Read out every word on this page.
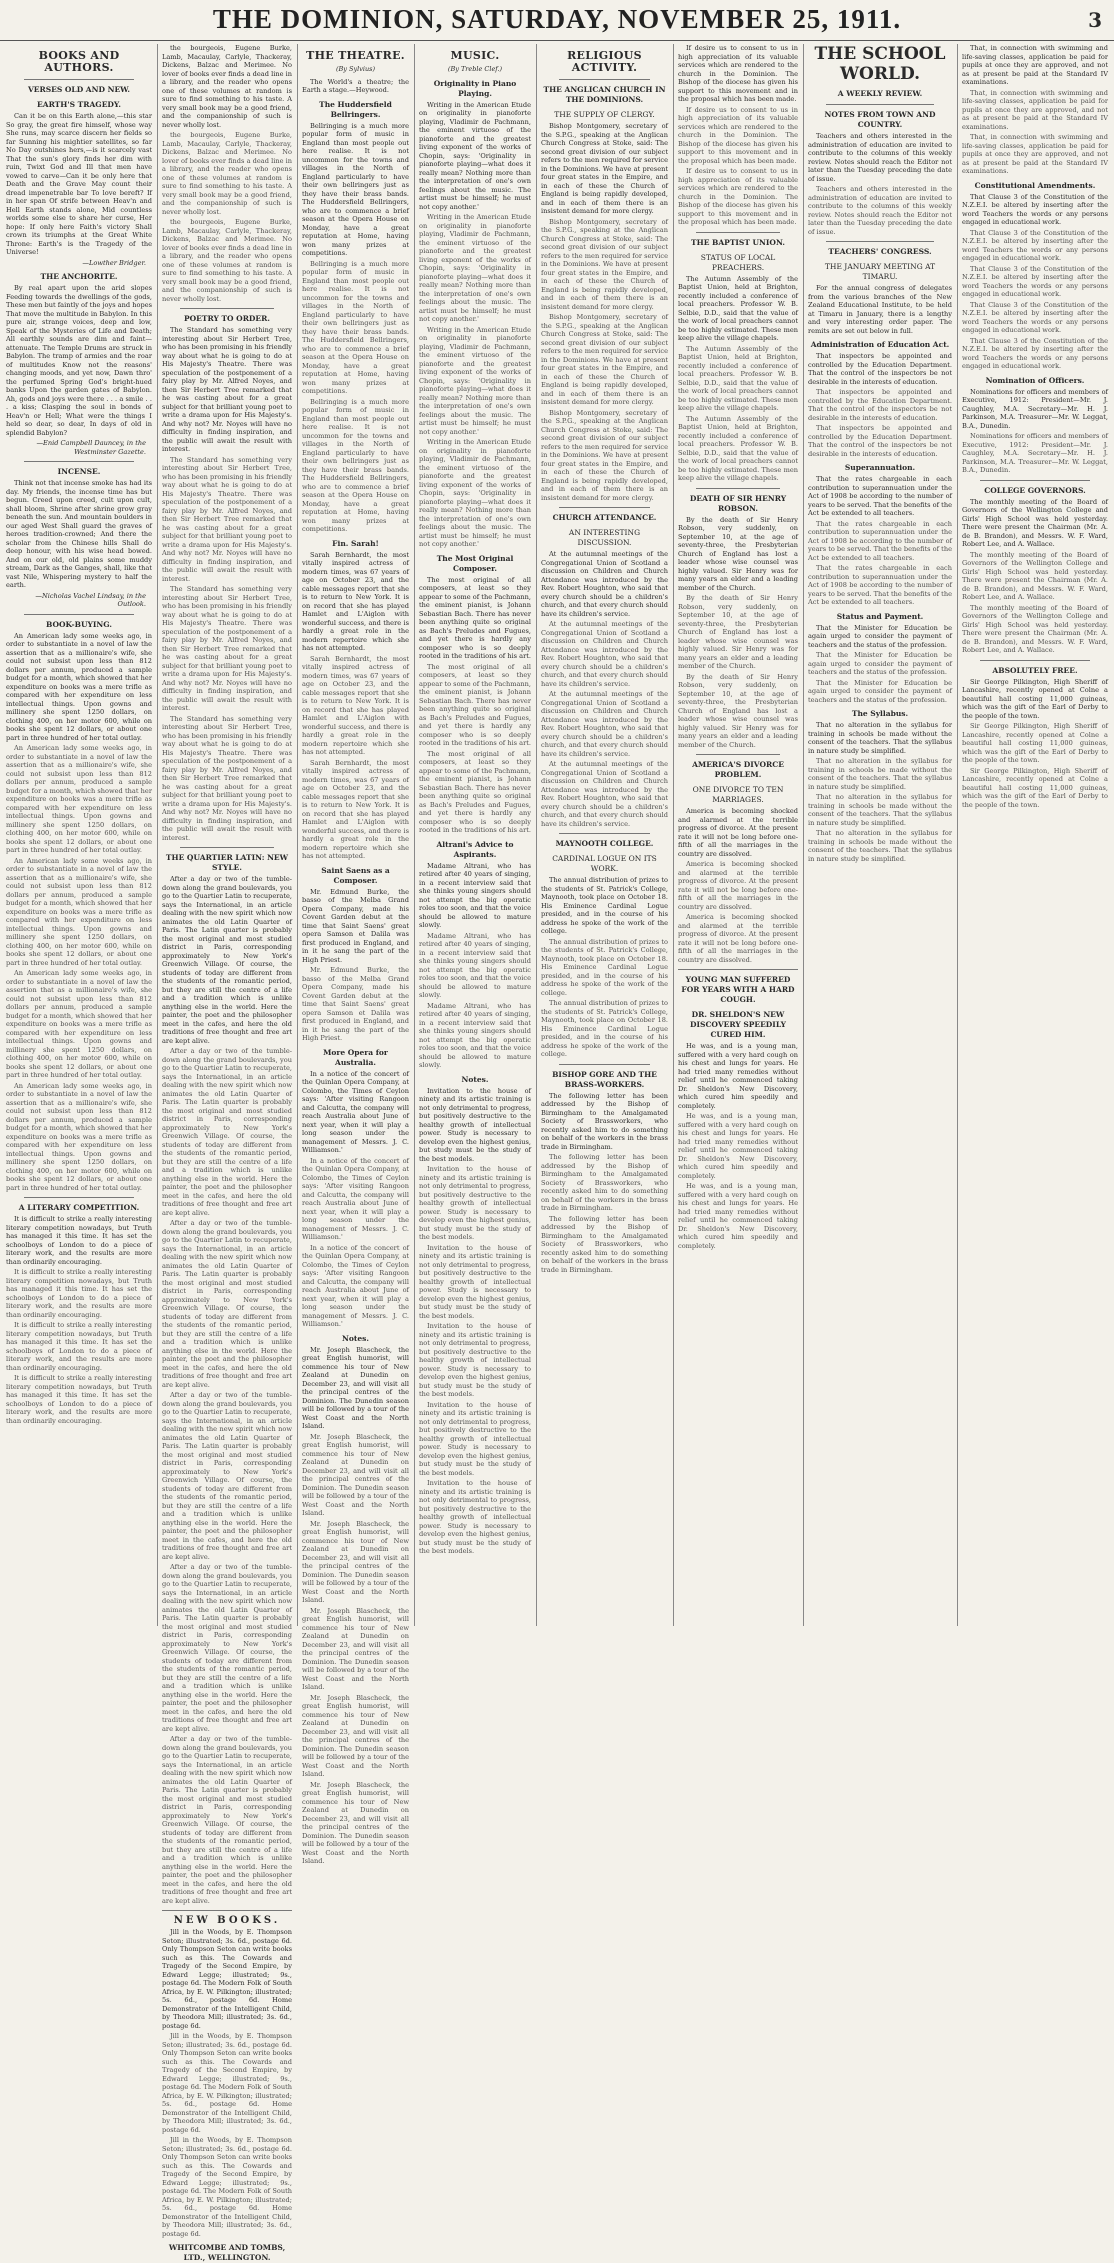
THE DOMINION, SATURDAY, NOVEMBER 25, 1911.	3
BOOKS AND AUTHORS.
VERSES OLD AND NEW.
EARTH'S TRAGEDY.

Can it be on this Earth alone,—this star So gray, the great fire himself, whose way She runs, may scarce discern her fields so far Sunning his mightier satellites, so far No Day outshines hers,—is it scarcely vast That the sun's glory finds her dim with ruin, Twixt God and Ill that men have vowed to carve—Can it be only here that Death and the Grave May count their dread impenetrable bar To love bereft? If in her span Of strife between Heav'n and Hell Earth stands alone, Mid countless worlds some else to share her curse, Her hope: If only here Faith's victory Shall crown its triumphs at the Great White Throne: Earth's is the Tragedy of the Universe!

—Lowther Bridger.
THE ANCHORITE.

By real apart upon the arid slopes Feeding towards the dwellings of the gods, These men but faintly of the joys and hopes That move the multitude in Babylon. In this pure air, strange voices, deep and low, Speak of the Mysteries of Life and Death; All earthly sounds are dim and faint—attenuate. The Temple Drums are struck in Babylon. The tramp of armies and the roar of multitudes Know not the reasons' changing moods, and yet now, Dawn thro' the perfumed Spring God's bright-hued banks Upon the garden gates of Babylon. Ah, gods and joys were there . . . a smile . . . a kiss; Clasping the soul in bonds of Heav'n or Hell; What were the things I held so dear, so dear, In days of old in splendid Babylon?

—Enid Campbell Dauncey, in the Westminster Gazette.
INCENSE.

Think not that incense smoke has had its day. My friends, the incense time has but begun. Creed upon creed, cult upon cult, shall bloom, Shrine after shrine grow gray beneath the sun. And mountain boulders in our aged West Shall guard the graves of heroes tradition-crowned; And there the scholar from the Chinese hills Shall do deep honour, with his wise head bowed. And on our old, old plains some muddy stream, Dark as the Ganges, shall, like that vast Nile, Whispering mystery to half the earth.

—Nicholas Vachel Lindsay, in the Outlook.
BOOK-BUYING.

An American lady some weeks ago, in order to substantiate in a novel of law the assertion that as a millionaire's wife, she could not subsist upon less than 812 dollars per annum, produced a sample budget for a month, which showed that her expenditure on books was a mere trifle as compared with her expenditure on less intellectual things. Upon gowns and millinery she spent 1250 dollars, on clothing 400, on her motor 600, while on books she spent 12 dollars, or about one part in three hundred of her total outlay.

An American lady some weeks ago, in order to substantiate in a novel of law the assertion that as a millionaire's wife, she could not subsist upon less than 812 dollars per annum, produced a sample budget for a month, which showed that her expenditure on books was a mere trifle as compared with her expenditure on less intellectual things. Upon gowns and millinery she spent 1250 dollars, on clothing 400, on her motor 600, while on books she spent 12 dollars, or about one part in three hundred of her total outlay.

An American lady some weeks ago, in order to substantiate in a novel of law the assertion that as a millionaire's wife, she could not subsist upon less than 812 dollars per annum, produced a sample budget for a month, which showed that her expenditure on books was a mere trifle as compared with her expenditure on less intellectual things. Upon gowns and millinery she spent 1250 dollars, on clothing 400, on her motor 600, while on books she spent 12 dollars, or about one part in three hundred of her total outlay.

An American lady some weeks ago, in order to substantiate in a novel of law the assertion that as a millionaire's wife, she could not subsist upon less than 812 dollars per annum, produced a sample budget for a month, which showed that her expenditure on books was a mere trifle as compared with her expenditure on less intellectual things. Upon gowns and millinery she spent 1250 dollars, on clothing 400, on her motor 600, while on books she spent 12 dollars, or about one part in three hundred of her total outlay.

An American lady some weeks ago, in order to substantiate in a novel of law the assertion that as a millionaire's wife, she could not subsist upon less than 812 dollars per annum, produced a sample budget for a month, which showed that her expenditure on books was a mere trifle as compared with her expenditure on less intellectual things. Upon gowns and millinery she spent 1250 dollars, on clothing 400, on her motor 600, while on books she spent 12 dollars, or about one part in three hundred of her total outlay.

A LITERARY COMPETITION.

It is difficult to strike a really interesting literary competition nowadays, but Truth has managed it this time. It has set the schoolboys of London to do a piece of literary work, and the results are more than ordinarily encouraging.

It is difficult to strike a really interesting literary competition nowadays, but Truth has managed it this time. It has set the schoolboys of London to do a piece of literary work, and the results are more than ordinarily encouraging.

It is difficult to strike a really interesting literary competition nowadays, but Truth has managed it this time. It has set the schoolboys of London to do a piece of literary work, and the results are more than ordinarily encouraging.

It is difficult to strike a really interesting literary competition nowadays, but Truth has managed it this time. It has set the schoolboys of London to do a piece of literary work, and the results are more than ordinarily encouraging.

the bourgeois, Eugene Burke, Lamb, Macaulay, Carlyle, Thackeray, Dickens, Balzac and Merimee. No lover of books ever finds a dead line in a library, and the reader who opens one of these volumes at random is sure to find something to his taste. A very small book may be a good friend, and the companionship of such is never wholly lost.

the bourgeois, Eugene Burke, Lamb, Macaulay, Carlyle, Thackeray, Dickens, Balzac and Merimee. No lover of books ever finds a dead line in a library, and the reader who opens one of these volumes at random is sure to find something to his taste. A very small book may be a good friend, and the companionship of such is never wholly lost.

the bourgeois, Eugene Burke, Lamb, Macaulay, Carlyle, Thackeray, Dickens, Balzac and Merimee. No lover of books ever finds a dead line in a library, and the reader who opens one of these volumes at random is sure to find something to his taste. A very small book may be a good friend, and the companionship of such is never wholly lost.

POETRY TO ORDER.

The Standard has something very interesting about Sir Herbert Tree, who has been promising in his friendly way about what he is going to do at His Majesty's Theatre. There was speculation of the postponement of a fairy play by Mr. Alfred Noyes, and then Sir Herbert Tree remarked that he was casting about for a great subject for that brilliant young poet to write a drama upon for His Majesty's. And why not? Mr. Noyes will have no difficulty in finding inspiration, and the public will await the result with interest.

The Standard has something very interesting about Sir Herbert Tree, who has been promising in his friendly way about what he is going to do at His Majesty's Theatre. There was speculation of the postponement of a fairy play by Mr. Alfred Noyes, and then Sir Herbert Tree remarked that he was casting about for a great subject for that brilliant young poet to write a drama upon for His Majesty's. And why not? Mr. Noyes will have no difficulty in finding inspiration, and the public will await the result with interest.

The Standard has something very interesting about Sir Herbert Tree, who has been promising in his friendly way about what he is going to do at His Majesty's Theatre. There was speculation of the postponement of a fairy play by Mr. Alfred Noyes, and then Sir Herbert Tree remarked that he was casting about for a great subject for that brilliant young poet to write a drama upon for His Majesty's. And why not? Mr. Noyes will have no difficulty in finding inspiration, and the public will await the result with interest.

The Standard has something very interesting about Sir Herbert Tree, who has been promising in his friendly way about what he is going to do at His Majesty's Theatre. There was speculation of the postponement of a fairy play by Mr. Alfred Noyes, and then Sir Herbert Tree remarked that he was casting about for a great subject for that brilliant young poet to write a drama upon for His Majesty's. And why not? Mr. Noyes will have no difficulty in finding inspiration, and the public will await the result with interest.

THE QUARTIER LATIN: NEW STYLE.

After a day or two of the tumble-down along the grand boulevards, you go to the Quartier Latin to recuperate, says the International, in an article dealing with the new spirit which now animates the old Latin Quarter of Paris. The Latin quarter is probably the most original and most studied district in Paris, corresponding approximately to New York's Greenwich Village. Of course, the students of today are different from the students of the romantic period, but they are still the centre of a life and a tradition which is unlike anything else in the world. Here the painter, the poet and the philosopher meet in the cafes, and here the old traditions of free thought and free art are kept alive.

After a day or two of the tumble-down along the grand boulevards, you go to the Quartier Latin to recuperate, says the International, in an article dealing with the new spirit which now animates the old Latin Quarter of Paris. The Latin quarter is probably the most original and most studied district in Paris, corresponding approximately to New York's Greenwich Village. Of course, the students of today are different from the students of the romantic period, but they are still the centre of a life and a tradition which is unlike anything else in the world. Here the painter, the poet and the philosopher meet in the cafes, and here the old traditions of free thought and free art are kept alive.

After a day or two of the tumble-down along the grand boulevards, you go to the Quartier Latin to recuperate, says the International, in an article dealing with the new spirit which now animates the old Latin Quarter of Paris. The Latin quarter is probably the most original and most studied district in Paris, corresponding approximately to New York's Greenwich Village. Of course, the students of today are different from the students of the romantic period, but they are still the centre of a life and a tradition which is unlike anything else in the world. Here the painter, the poet and the philosopher meet in the cafes, and here the old traditions of free thought and free art are kept alive.

After a day or two of the tumble-down along the grand boulevards, you go to the Quartier Latin to recuperate, says the International, in an article dealing with the new spirit which now animates the old Latin Quarter of Paris. The Latin quarter is probably the most original and most studied district in Paris, corresponding approximately to New York's Greenwich Village. Of course, the students of today are different from the students of the romantic period, but they are still the centre of a life and a tradition which is unlike anything else in the world. Here the painter, the poet and the philosopher meet in the cafes, and here the old traditions of free thought and free art are kept alive.

After a day or two of the tumble-down along the grand boulevards, you go to the Quartier Latin to recuperate, says the International, in an article dealing with the new spirit which now animates the old Latin Quarter of Paris. The Latin quarter is probably the most original and most studied district in Paris, corresponding approximately to New York's Greenwich Village. Of course, the students of today are different from the students of the romantic period, but they are still the centre of a life and a tradition which is unlike anything else in the world. Here the painter, the poet and the philosopher meet in the cafes, and here the old traditions of free thought and free art are kept alive.

After a day or two of the tumble-down along the grand boulevards, you go to the Quartier Latin to recuperate, says the International, in an article dealing with the new spirit which now animates the old Latin Quarter of Paris. The Latin quarter is probably the most original and most studied district in Paris, corresponding approximately to New York's Greenwich Village. Of course, the students of today are different from the students of the romantic period, but they are still the centre of a life and a tradition which is unlike anything else in the world. Here the painter, the poet and the philosopher meet in the cafes, and here the old traditions of free thought and free art are kept alive.

NEW BOOKS.

Jill in the Woods, by E. Thompson Seton; illustrated; 3s. 6d., postage 6d. Only Thompson Seton can write books such as this. The Cowards and Tragedy of the Second Empire, by Edward Legge; illustrated; 9s., postage 6d. The Modern Folk of South Africa, by E. W. Pilkington; illustrated; 5s. 6d., postage 6d. Home Demonstrator of the Intelligent Child, by Theodora Mill; illustrated; 3s. 6d., postage 6d.

Jill in the Woods, by E. Thompson Seton; illustrated; 3s. 6d., postage 6d. Only Thompson Seton can write books such as this. The Cowards and Tragedy of the Second Empire, by Edward Legge; illustrated; 9s., postage 6d. The Modern Folk of South Africa, by E. W. Pilkington; illustrated; 5s. 6d., postage 6d. Home Demonstrator of the Intelligent Child, by Theodora Mill; illustrated; 3s. 6d., postage 6d.

Jill in the Woods, by E. Thompson Seton; illustrated; 3s. 6d., postage 6d. Only Thompson Seton can write books such as this. The Cowards and Tragedy of the Second Empire, by Edward Legge; illustrated; 9s., postage 6d. The Modern Folk of South Africa, by E. W. Pilkington; illustrated; 5s. 6d., postage 6d. Home Demonstrator of the Intelligent Child, by Theodora Mill; illustrated; 3s. 6d., postage 6d.

WHITCOMBE AND TOMBS, LTD., WELLINGTON.
THE THEATRE.
(By Sylvius)

The World's a theatre; the Earth a stage.—Heywood.

The Huddersfield Bellringers.

Bellringing is a much more popular form of music in England than most people out here realise. It is not uncommon for the towns and villages in the North of England particularly to have their own bellringers just as they have their brass bands. The Huddersfield Bellringers, who are to commence a brief season at the Opera House on Monday, have a great reputation at Home, having won many prizes at competitions.

Bellringing is a much more popular form of music in England than most people out here realise. It is not uncommon for the towns and villages in the North of England particularly to have their own bellringers just as they have their brass bands. The Huddersfield Bellringers, who are to commence a brief season at the Opera House on Monday, have a great reputation at Home, having won many prizes at competitions.

Bellringing is a much more popular form of music in England than most people out here realise. It is not uncommon for the towns and villages in the North of England particularly to have their own bellringers just as they have their brass bands. The Huddersfield Bellringers, who are to commence a brief season at the Opera House on Monday, have a great reputation at Home, having won many prizes at competitions.

Fin. Sarah!

Sarah Bernhardt, the most vitally inspired actress of modern times, was 67 years of age on October 23, and the cable messages report that she is to return to New York. It is on record that she has played Hamlet and L'Aiglon with wonderful success, and there is hardly a great role in the modern repertoire which she has not attempted.

Sarah Bernhardt, the most vitally inspired actress of modern times, was 67 years of age on October 23, and the cable messages report that she is to return to New York. It is on record that she has played Hamlet and L'Aiglon with wonderful success, and there is hardly a great role in the modern repertoire which she has not attempted.

Sarah Bernhardt, the most vitally inspired actress of modern times, was 67 years of age on October 23, and the cable messages report that she is to return to New York. It is on record that she has played Hamlet and L'Aiglon with wonderful success, and there is hardly a great role in the modern repertoire which she has not attempted.

Saint Saens as a Composer.

Mr. Edmund Burke, the basso of the Melba Grand Opera Company, made his Covent Garden debut at the time that Saint Saens' great opera Samson et Dalila was first produced in England, and in it he sang the part of the High Priest.

Mr. Edmund Burke, the basso of the Melba Grand Opera Company, made his Covent Garden debut at the time that Saint Saens' great opera Samson et Dalila was first produced in England, and in it he sang the part of the High Priest.

More Opera for Australia.

In a notice of the concert of the Quinlan Opera Company, at Colombo, the Times of Ceylon says: 'After visiting Rangoon and Calcutta, the company will reach Australia about June of next year, when it will play a long season under the management of Messrs. J. C. Williamson.'

In a notice of the concert of the Quinlan Opera Company, at Colombo, the Times of Ceylon says: 'After visiting Rangoon and Calcutta, the company will reach Australia about June of next year, when it will play a long season under the management of Messrs. J. C. Williamson.'

In a notice of the concert of the Quinlan Opera Company, at Colombo, the Times of Ceylon says: 'After visiting Rangoon and Calcutta, the company will reach Australia about June of next year, when it will play a long season under the management of Messrs. J. C. Williamson.'

Notes.

Mr. Joseph Blascheck, the great English humorist, will commence his tour of New Zealand at Dunedin on December 23, and will visit all the principal centres of the Dominion. The Dunedin season will be followed by a tour of the West Coast and the North Island.

Mr. Joseph Blascheck, the great English humorist, will commence his tour of New Zealand at Dunedin on December 23, and will visit all the principal centres of the Dominion. The Dunedin season will be followed by a tour of the West Coast and the North Island.

Mr. Joseph Blascheck, the great English humorist, will commence his tour of New Zealand at Dunedin on December 23, and will visit all the principal centres of the Dominion. The Dunedin season will be followed by a tour of the West Coast and the North Island.

Mr. Joseph Blascheck, the great English humorist, will commence his tour of New Zealand at Dunedin on December 23, and will visit all the principal centres of the Dominion. The Dunedin season will be followed by a tour of the West Coast and the North Island.

Mr. Joseph Blascheck, the great English humorist, will commence his tour of New Zealand at Dunedin on December 23, and will visit all the principal centres of the Dominion. The Dunedin season will be followed by a tour of the West Coast and the North Island.

Mr. Joseph Blascheck, the great English humorist, will commence his tour of New Zealand at Dunedin on December 23, and will visit all the principal centres of the Dominion. The Dunedin season will be followed by a tour of the West Coast and the North Island.

MUSIC.
(By Treble Clef.)
Originality in Piano Playing.

Writing in the American Etude on originality in pianoforte playing, Vladimir de Pachmann, the eminent virtuoso of the pianoforte and the greatest living exponent of the works of Chopin, says: 'Originality in pianoforte playing—what does it really mean? Nothing more than the interpretation of one's own feelings about the music. The artist must be himself; he must not copy another.'

Writing in the American Etude on originality in pianoforte playing, Vladimir de Pachmann, the eminent virtuoso of the pianoforte and the greatest living exponent of the works of Chopin, says: 'Originality in pianoforte playing—what does it really mean? Nothing more than the interpretation of one's own feelings about the music. The artist must be himself; he must not copy another.'

Writing in the American Etude on originality in pianoforte playing, Vladimir de Pachmann, the eminent virtuoso of the pianoforte and the greatest living exponent of the works of Chopin, says: 'Originality in pianoforte playing—what does it really mean? Nothing more than the interpretation of one's own feelings about the music. The artist must be himself; he must not copy another.'

Writing in the American Etude on originality in pianoforte playing, Vladimir de Pachmann, the eminent virtuoso of the pianoforte and the greatest living exponent of the works of Chopin, says: 'Originality in pianoforte playing—what does it really mean? Nothing more than the interpretation of one's own feelings about the music. The artist must be himself; he must not copy another.'

The Most Original Composer.

The most original of all composers, at least so they appear to some of the Pachmann, the eminent pianist, is Johann Sebastian Bach. There has never been anything quite so original as Bach's Preludes and Fugues, and yet there is hardly any composer who is so deeply rooted in the traditions of his art.

The most original of all composers, at least so they appear to some of the Pachmann, the eminent pianist, is Johann Sebastian Bach. There has never been anything quite so original as Bach's Preludes and Fugues, and yet there is hardly any composer who is so deeply rooted in the traditions of his art.

The most original of all composers, at least so they appear to some of the Pachmann, the eminent pianist, is Johann Sebastian Bach. There has never been anything quite so original as Bach's Preludes and Fugues, and yet there is hardly any composer who is so deeply rooted in the traditions of his art.

Altrani's Advice to Aspirants.

Madame Altrani, who has retired after 40 years of singing, in a recent interview said that she thinks young singers should not attempt the big operatic roles too soon, and that the voice should be allowed to mature slowly.

Madame Altrani, who has retired after 40 years of singing, in a recent interview said that she thinks young singers should not attempt the big operatic roles too soon, and that the voice should be allowed to mature slowly.

Madame Altrani, who has retired after 40 years of singing, in a recent interview said that she thinks young singers should not attempt the big operatic roles too soon, and that the voice should be allowed to mature slowly.

Notes.

Invitation to the house of ninety and its artistic training is not only detrimental to progress, but positively destructive to the healthy growth of intellectual power. Study is necessary to develop even the highest genius, but study must be the study of the best models.

Invitation to the house of ninety and its artistic training is not only detrimental to progress, but positively destructive to the healthy growth of intellectual power. Study is necessary to develop even the highest genius, but study must be the study of the best models.

Invitation to the house of ninety and its artistic training is not only detrimental to progress, but positively destructive to the healthy growth of intellectual power. Study is necessary to develop even the highest genius, but study must be the study of the best models.

Invitation to the house of ninety and its artistic training is not only detrimental to progress, but positively destructive to the healthy growth of intellectual power. Study is necessary to develop even the highest genius, but study must be the study of the best models.

Invitation to the house of ninety and its artistic training is not only detrimental to progress, but positively destructive to the healthy growth of intellectual power. Study is necessary to develop even the highest genius, but study must be the study of the best models.

Invitation to the house of ninety and its artistic training is not only detrimental to progress, but positively destructive to the healthy growth of intellectual power. Study is necessary to develop even the highest genius, but study must be the study of the best models.

RELIGIOUS ACTIVITY.
THE ANGLICAN CHURCH IN THE DOMINIONS.
THE SUPPLY OF CLERGY.

Bishop Montgomery, secretary of the S.P.G., speaking at the Anglican Church Congress at Stoke, said: The second great division of our subject refers to the men required for service in the Dominions. We have at present four great states in the Empire, and in each of these the Church of England is being rapidly developed, and in each of them there is an insistent demand for more clergy.

Bishop Montgomery, secretary of the S.P.G., speaking at the Anglican Church Congress at Stoke, said: The second great division of our subject refers to the men required for service in the Dominions. We have at present four great states in the Empire, and in each of these the Church of England is being rapidly developed, and in each of them there is an insistent demand for more clergy.

Bishop Montgomery, secretary of the S.P.G., speaking at the Anglican Church Congress at Stoke, said: The second great division of our subject refers to the men required for service in the Dominions. We have at present four great states in the Empire, and in each of these the Church of England is being rapidly developed, and in each of them there is an insistent demand for more clergy.

Bishop Montgomery, secretary of the S.P.G., speaking at the Anglican Church Congress at Stoke, said: The second great division of our subject refers to the men required for service in the Dominions. We have at present four great states in the Empire, and in each of these the Church of England is being rapidly developed, and in each of them there is an insistent demand for more clergy.

CHURCH ATTENDANCE.
AN INTERESTING DISCUSSION.

At the autumnal meetings of the Congregational Union of Scotland a discussion on Children and Church Attendance was introduced by the Rev. Robert Houghton, who said that every church should be a children's church, and that every church should have its children's service.

At the autumnal meetings of the Congregational Union of Scotland a discussion on Children and Church Attendance was introduced by the Rev. Robert Houghton, who said that every church should be a children's church, and that every church should have its children's service.

At the autumnal meetings of the Congregational Union of Scotland a discussion on Children and Church Attendance was introduced by the Rev. Robert Houghton, who said that every church should be a children's church, and that every church should have its children's service.

At the autumnal meetings of the Congregational Union of Scotland a discussion on Children and Church Attendance was introduced by the Rev. Robert Houghton, who said that every church should be a children's church, and that every church should have its children's service.

MAYNOOTH COLLEGE.
CARDINAL LOGUE ON ITS WORK.

The annual distribution of prizes to the students of St. Patrick's College, Maynooth, took place on October 18. His Eminence Cardinal Logue presided, and in the course of his address he spoke of the work of the college.

The annual distribution of prizes to the students of St. Patrick's College, Maynooth, took place on October 18. His Eminence Cardinal Logue presided, and in the course of his address he spoke of the work of the college.

The annual distribution of prizes to the students of St. Patrick's College, Maynooth, took place on October 18. His Eminence Cardinal Logue presided, and in the course of his address he spoke of the work of the college.

BISHOP GORE AND THE BRASS-WORKERS.

The following letter has been addressed by the Bishop of Birmingham to the Amalgamated Society of Brassworkers, who recently asked him to do something on behalf of the workers in the brass trade in Birmingham.

The following letter has been addressed by the Bishop of Birmingham to the Amalgamated Society of Brassworkers, who recently asked him to do something on behalf of the workers in the brass trade in Birmingham.

The following letter has been addressed by the Bishop of Birmingham to the Amalgamated Society of Brassworkers, who recently asked him to do something on behalf of the workers in the brass trade in Birmingham.

If desire us to consent to us in high appreciation of its valuable services which are rendered to the church in the Dominion. The Bishop of the diocese has given his support to this movement and in the proposal which has been made.

If desire us to consent to us in high appreciation of its valuable services which are rendered to the church in the Dominion. The Bishop of the diocese has given his support to this movement and in the proposal which has been made.

If desire us to consent to us in high appreciation of its valuable services which are rendered to the church in the Dominion. The Bishop of the diocese has given his support to this movement and in the proposal which has been made.

THE BAPTIST UNION.
STATUS OF LOCAL PREACHERS.

The Autumn Assembly of the Baptist Union, held at Brighton, recently included a conference of local preachers. Professor W. B. Selbie, D.D., said that the value of the work of local preachers cannot be too highly estimated. These men keep alive the village chapels.

The Autumn Assembly of the Baptist Union, held at Brighton, recently included a conference of local preachers. Professor W. B. Selbie, D.D., said that the value of the work of local preachers cannot be too highly estimated. These men keep alive the village chapels.

The Autumn Assembly of the Baptist Union, held at Brighton, recently included a conference of local preachers. Professor W. B. Selbie, D.D., said that the value of the work of local preachers cannot be too highly estimated. These men keep alive the village chapels.

DEATH OF SIR HENRY ROBSON.

By the death of Sir Henry Robson, very suddenly, on September 10, at the age of seventy-three, the Presbyterian Church of England has lost a leader whose wise counsel was highly valued. Sir Henry was for many years an elder and a leading member of the Church.

By the death of Sir Henry Robson, very suddenly, on September 10, at the age of seventy-three, the Presbyterian Church of England has lost a leader whose wise counsel was highly valued. Sir Henry was for many years an elder and a leading member of the Church.

By the death of Sir Henry Robson, very suddenly, on September 10, at the age of seventy-three, the Presbyterian Church of England has lost a leader whose wise counsel was highly valued. Sir Henry was for many years an elder and a leading member of the Church.

AMERICA'S DIVORCE PROBLEM.
ONE DIVORCE TO TEN MARRIAGES.

America is becoming shocked and alarmed at the terrible progress of divorce. At the present rate it will not be long before one-fifth of all the marriages in the country are dissolved.

America is becoming shocked and alarmed at the terrible progress of divorce. At the present rate it will not be long before one-fifth of all the marriages in the country are dissolved.

America is becoming shocked and alarmed at the terrible progress of divorce. At the present rate it will not be long before one-fifth of all the marriages in the country are dissolved.

YOUNG MAN SUFFERED FOR YEARS WITH A HARD COUGH.
DR. SHELDON'S NEW DISCOVERY SPEEDILY CURED HIM.

He was, and is a young man, suffered with a very hard cough on his chest and lungs for years. He had tried many remedies without relief until he commenced taking Dr. Sheldon's New Discovery, which cured him speedily and completely.

He was, and is a young man, suffered with a very hard cough on his chest and lungs for years. He had tried many remedies without relief until he commenced taking Dr. Sheldon's New Discovery, which cured him speedily and completely.

He was, and is a young man, suffered with a very hard cough on his chest and lungs for years. He had tried many remedies without relief until he commenced taking Dr. Sheldon's New Discovery, which cured him speedily and completely.

THE SCHOOL WORLD.
A WEEKLY REVIEW.
NOTES FROM TOWN AND COUNTRY.

Teachers and others interested in the administration of education are invited to contribute to the columns of this weekly review. Notes should reach the Editor not later than the Tuesday preceding the date of issue.

Teachers and others interested in the administration of education are invited to contribute to the columns of this weekly review. Notes should reach the Editor not later than the Tuesday preceding the date of issue.

TEACHERS' CONGRESS.
THE JANUARY MEETING AT TIMARU.

For the annual congress of delegates from the various branches of the New Zealand Educational Institute, to be held at Timaru in January, there is a lengthy and very interesting order paper. The remits are set out below in full.

Administration of Education Act.

That inspectors be appointed and controlled by the Education Department. That the control of the inspectors be not desirable in the interests of education.

That inspectors be appointed and controlled by the Education Department. That the control of the inspectors be not desirable in the interests of education.

That inspectors be appointed and controlled by the Education Department. That the control of the inspectors be not desirable in the interests of education.

Superannuation.

That the rates chargeable in each contribution to superannuation under the Act of 1908 be according to the number of years to be served. That the benefits of the Act be extended to all teachers.

That the rates chargeable in each contribution to superannuation under the Act of 1908 be according to the number of years to be served. That the benefits of the Act be extended to all teachers.

That the rates chargeable in each contribution to superannuation under the Act of 1908 be according to the number of years to be served. That the benefits of the Act be extended to all teachers.

Status and Payment.

That the Minister for Education be again urged to consider the payment of teachers and the status of the profession.

That the Minister for Education be again urged to consider the payment of teachers and the status of the profession.

That the Minister for Education be again urged to consider the payment of teachers and the status of the profession.

The Syllabus.

That no alteration in the syllabus for training in schools be made without the consent of the teachers. That the syllabus in nature study be simplified.

That no alteration in the syllabus for training in schools be made without the consent of the teachers. That the syllabus in nature study be simplified.

That no alteration in the syllabus for training in schools be made without the consent of the teachers. That the syllabus in nature study be simplified.

That no alteration in the syllabus for training in schools be made without the consent of the teachers. That the syllabus in nature study be simplified.

That, in connection with swimming and life-saving classes, application be paid for pupils at once they are approved, and not as at present be paid at the Standard IV examinations.

That, in connection with swimming and life-saving classes, application be paid for pupils at once they are approved, and not as at present be paid at the Standard IV examinations.

That, in connection with swimming and life-saving classes, application be paid for pupils at once they are approved, and not as at present be paid at the Standard IV examinations.

Constitutional Amendments.

That Clause 3 of the Constitution of the N.Z.E.I. be altered by inserting after the word Teachers the words or any persons engaged in educational work.

That Clause 3 of the Constitution of the N.Z.E.I. be altered by inserting after the word Teachers the words or any persons engaged in educational work.

That Clause 3 of the Constitution of the N.Z.E.I. be altered by inserting after the word Teachers the words or any persons engaged in educational work.

That Clause 3 of the Constitution of the N.Z.E.I. be altered by inserting after the word Teachers the words or any persons engaged in educational work.

That Clause 3 of the Constitution of the N.Z.E.I. be altered by inserting after the word Teachers the words or any persons engaged in educational work.

Nomination of Officers.

Nominations for officers and members of Executive, 1912: President—Mr. J. Caughley, M.A. Secretary—Mr. H. J. Parkinson, M.A. Treasurer—Mr. W. Leggat, B.A., Dunedin.

Nominations for officers and members of Executive, 1912: President—Mr. J. Caughley, M.A. Secretary—Mr. H. J. Parkinson, M.A. Treasurer—Mr. W. Leggat, B.A., Dunedin.

COLLEGE GOVERNORS.

The monthly meeting of the Board of Governors of the Wellington College and Girls' High School was held yesterday. There were present the Chairman (Mr. A. de B. Brandon), and Messrs. W. F. Ward, Robert Lee, and A. Wallace.

The monthly meeting of the Board of Governors of the Wellington College and Girls' High School was held yesterday. There were present the Chairman (Mr. A. de B. Brandon), and Messrs. W. F. Ward, Robert Lee, and A. Wallace.

The monthly meeting of the Board of Governors of the Wellington College and Girls' High School was held yesterday. There were present the Chairman (Mr. A. de B. Brandon), and Messrs. W. F. Ward, Robert Lee, and A. Wallace.

ABSOLUTELY FREE.

Sir George Pilkington, High Sheriff of Lancashire, recently opened at Colne a beautiful hall costing 11,000 guineas, which was the gift of the Earl of Derby to the people of the town.

Sir George Pilkington, High Sheriff of Lancashire, recently opened at Colne a beautiful hall costing 11,000 guineas, which was the gift of the Earl of Derby to the people of the town.

Sir George Pilkington, High Sheriff of Lancashire, recently opened at Colne a beautiful hall costing 11,000 guineas, which was the gift of the Earl of Derby to the people of the town.
